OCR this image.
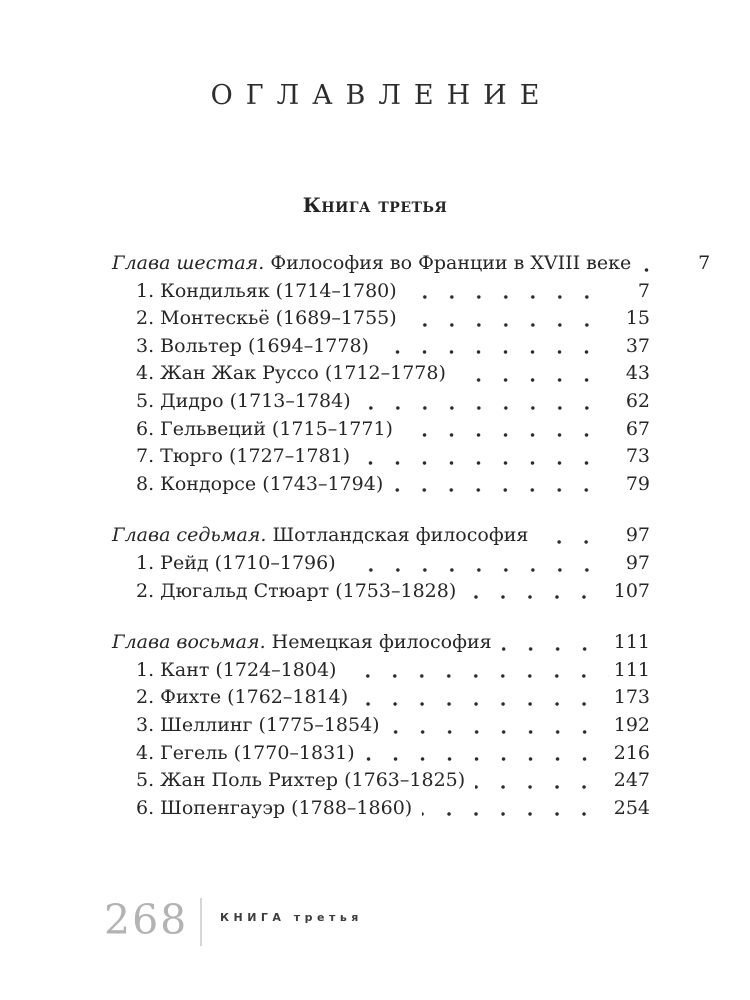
ОГЛАВЛЕНИЕ
Книга третья
Глава шестая. Философия во Франции в XVIII веке	7
1. Кондильяк (1714–1780)	7
2. Монтескьё (1689–1755)	15
3. Вольтер (1694–1778)	37
4. Жан Жак Руссо (1712–1778)	43
5. Дидро (1713–1784)	62
6. Гельвеций (1715–1771)	67
7. Тюрго (1727–1781)	73
8. Кондорсе (1743–1794)	79
Глава седьмая. Шотландская философия	97
1. Рейд (1710–1796)	97
2. Дюгальд Стюарт (1753–1828)	107
Глава восьмая. Немецкая философия	111
1. Кант (1724–1804)	111
2. Фихте (1762–1814)	173
3. Шеллинг (1775–1854)	192
4. Гегель (1770–1831)	216
5. Жан Поль Рихтер (1763–1825)	247
6. Шопенгауэр (1788–1860)	254
268	КНИГА третья
